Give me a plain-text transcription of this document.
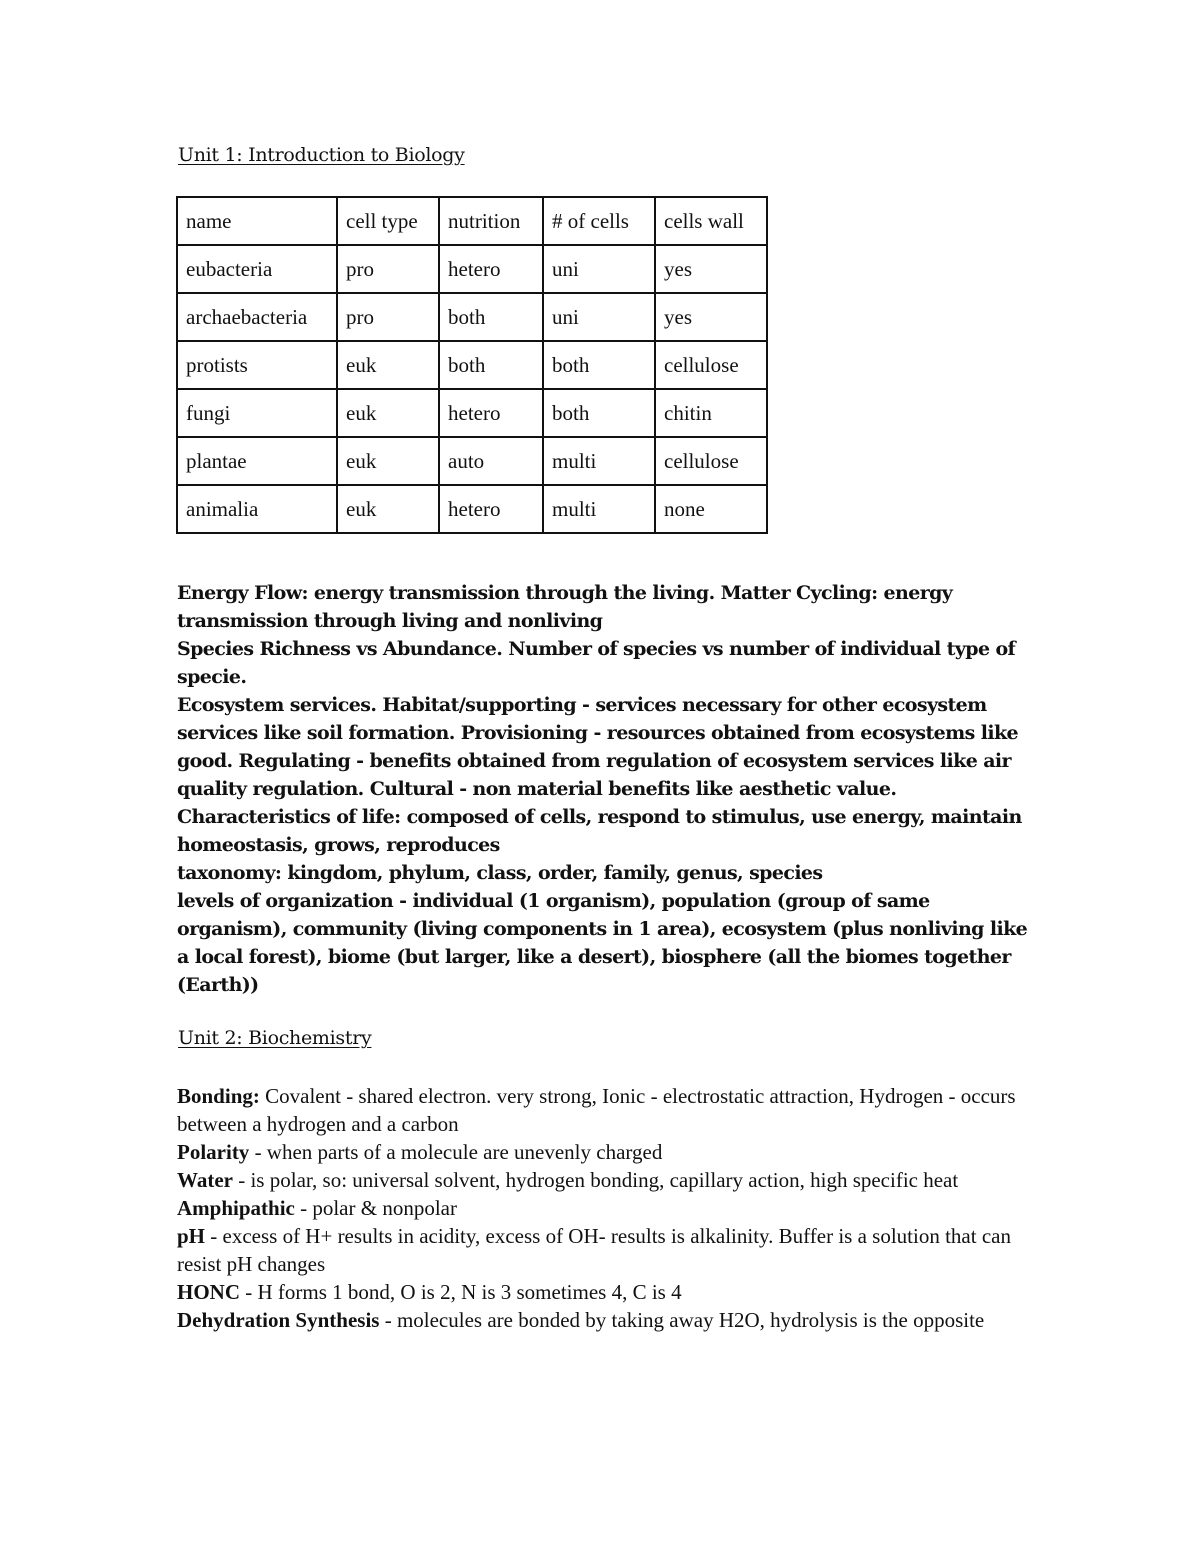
Unit 1: Introduction to Biology
name	cell type	nutrition	# of cells	cells wall
eubacteria	pro	hetero	uni	yes
archaebacteria	pro	both	uni	yes
protists	euk	both	both	cellulose
fungi	euk	hetero	both	chitin
plantae	euk	auto	multi	cellulose
animalia	euk	hetero	multi	none

Energy Flow: energy transmission through the living. Matter Cycling: energy transmission through living and nonliving

Species Richness vs Abundance. Number of species vs number of individual type of specie.

Ecosystem services. Habitat/supporting - services necessary for other ecosystem services like soil formation. Provisioning - resources obtained from ecosystems like good. Regulating - benefits obtained from regulation of ecosystem services like air quality regulation. Cultural - non material benefits like aesthetic value.

Characteristics of life: composed of cells, respond to stimulus, use energy, maintain homeostasis, grows, reproduces

taxonomy: kingdom, phylum, class, order, family, genus, species

levels of organization - individual (1 organism), population (group of same organism), community (living components in 1 area), ecosystem (plus nonliving like a local forest), biome (but larger, like a desert), biosphere (all the biomes together (Earth))

Unit 2: Biochemistry

Bonding: Covalent - shared electron. very strong, Ionic - electrostatic attraction, Hydrogen - occurs between a hydrogen and a carbon

Polarity - when parts of a molecule are unevenly charged

Water - is polar, so: universal solvent, hydrogen bonding, capillary action, high specific heat

Amphipathic - polar & nonpolar

pH - excess of H+ results in acidity, excess of OH- results is alkalinity. Buffer is a solution that can resist pH changes

HONC - H forms 1 bond, O is 2, N is 3 sometimes 4, C is 4

Dehydration Synthesis - molecules are bonded by taking away H2O, hydrolysis is the opposite
